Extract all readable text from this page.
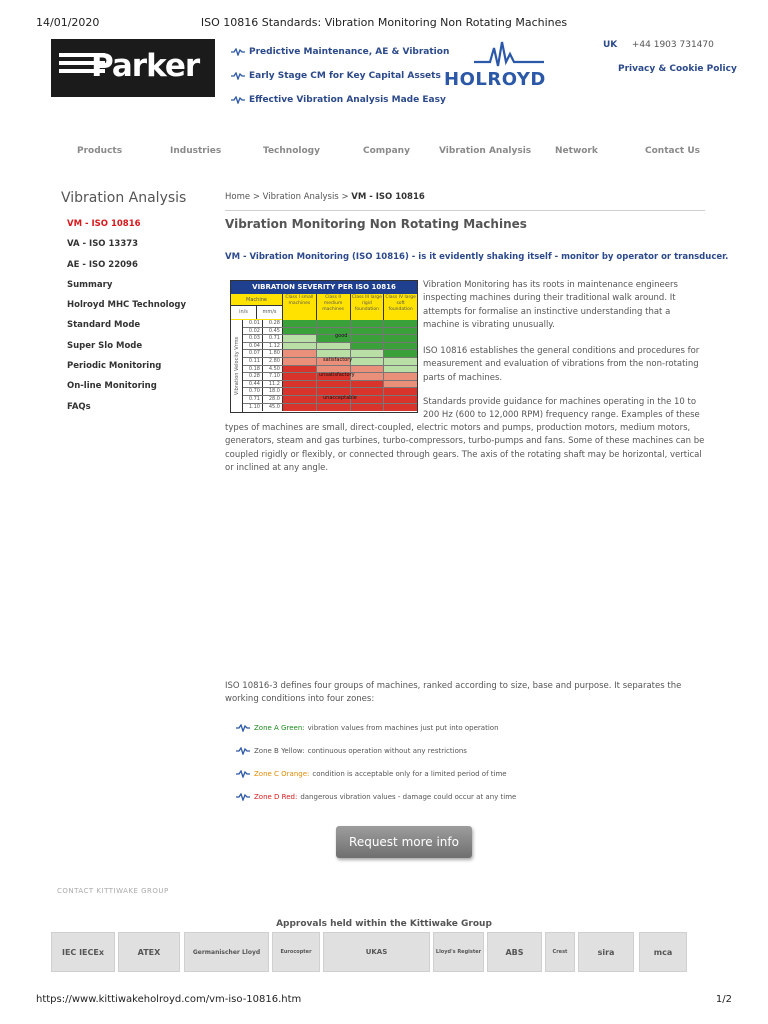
14/01/2020	ISO 10816 Standards: Vibration Monitoring Non Rotating Machines
Parker	Predictive Maintenance, AE & Vibration
Early Stage CM for Key Capital Assets
Effective Vibration Analysis Made Easy
HOLROYD
UK +44 1903 731470
Privacy & Cookie Policy
Products	Industries	Technology	Company	Vibration Analysis	Network	Contact Us
Vibration Analysis
VM - ISO 10816
VA - ISO 13373
AE - ISO 22096
Summary
Holroyd MHC Technology
Standard Mode
Super Slo Mode
Periodic Monitoring
On-line Monitoring
FAQs
Home > Vibration Analysis > VM - ISO 10816
Vibration Monitoring Non Rotating Machines

VM - Vibration Monitoring (ISO 10816) - is it evidently shaking itself - monitor by operator or transducer.

VIBRATION SEVERITY PER ISO 10816
Machine
in/s	mm/s
Class I small machines
Class II medium machines
Class III large rigid foundation
Class IV large soft foundation
Vibration Velocity Vrms
0.01	0.28
0.02	0.45
0.03	0.71
0.04	1.12
0.07	1.80
0.11	2.80
0.18	4.50
0.28	7.10
0.44	11.2
0.70	18.0
0.71	28.0
1.10	45.0
good
satisfactory
unsatisfactory
unacceptable

Vibration Monitoring has its roots in maintenance engineers inspecting machines during their traditional walk around. It attempts for formalise an instinctive understanding that a machine is vibrating unusually.

ISO 10816 establishes the general conditions and procedures for measurement and evaluation of vibrations from the non-rotating parts of machines.

Standards provide guidance for machines operating in the 10 to 200 Hz (600 to 12,000 RPM) frequency range. Examples of these

types of machines are small, direct-coupled, electric motors and pumps, production motors, medium motors, generators, steam and gas turbines, turbo-compressors, turbo-pumps and fans. Some of these machines can be coupled rigidly or flexibly, or connected through gears. The axis of the rotating shaft may be horizontal, vertical or inclined at any angle.

ISO 10816-3 defines four groups of machines, ranked according to size, base and purpose. It separates the working conditions into four zones:

Zone A Green: vibration values from machines just put into operation
Zone B Yellow: continuous operation without any restrictions
Zone C Orange: condition is acceptable only for a limited period of time
Zone D Red: dangerous vibration values - damage could occur at any time
Request more info
CONTACT KITTIWAKE GROUP
Approvals held within the Kittiwake Group
IEC IECEx	ATEX	Germanischer Lloyd	Eurocopter	UKAS	Lloyd's Register	ABS	Crest	sira	mca
https://www.kittiwakeholroyd.com/vm-iso-10816.htm	1/2
